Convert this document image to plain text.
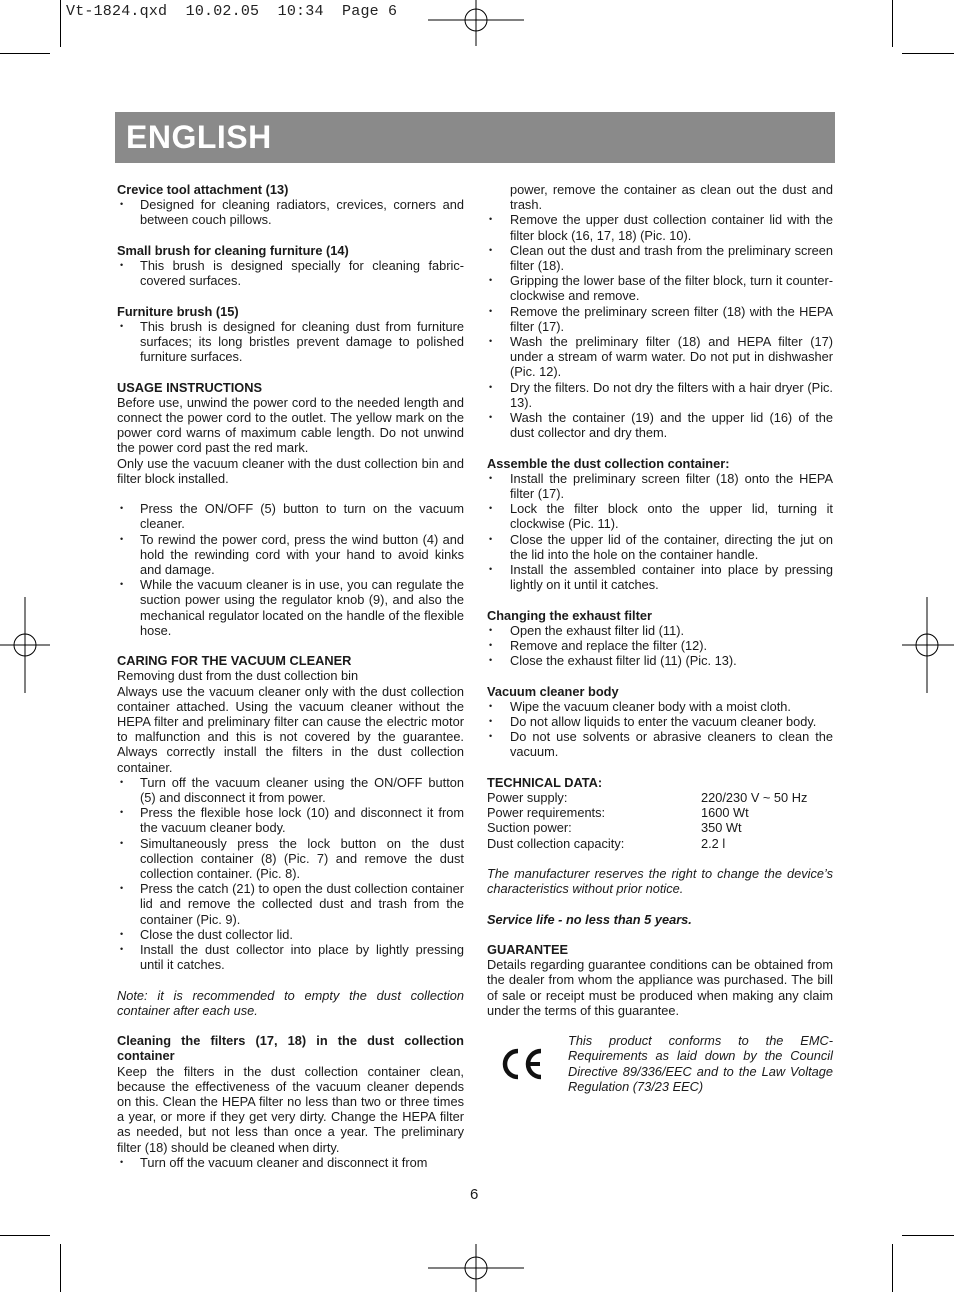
Vt-1824.qxd  10.02.05  10:34  Page 6
ENGLISH

Crevice tool attachment (13)

• Designed for cleaning radiators, crevices, corners and between couch pillows.

Small brush for cleaning furniture (14)

• This brush is designed specially for cleaning fabric-covered surfaces.

Furniture brush (15)

• This brush is designed for cleaning dust from furniture surfaces; its long bristles prevent damage to polished furniture surfaces.

USAGE INSTRUCTIONS

Before use, unwind the power cord to the needed length and connect the power cord to the outlet. The yellow mark on the power cord warns of maximum cable length. Do not unwind the power cord past the red mark.

Only use the vacuum cleaner with the dust collection bin and filter block installed.

• Press the ON/OFF (5) button to turn on the vacuum cleaner.
• To rewind the power cord, press the wind button (4) and hold the rewinding cord with your hand to avoid kinks and damage.
• While the vacuum cleaner is in use, you can regulate the suction power using the regulator knob (9), and also the mechanical regulator located on the handle of the flexible hose.

CARING FOR THE VACUUM CLEANER

Removing dust from the dust collection bin

Always use the vacuum cleaner only with the dust collection container attached. Using the vacuum cleaner without the HEPA filter and preliminary filter can cause the electric motor to malfunction and this is not covered by the guarantee. Always correctly install the filters in the dust collection container.

• Turn off the vacuum cleaner using the ON/OFF button (5) and disconnect it from power.
• Press the flexible hose lock (10) and disconnect it from the vacuum cleaner body.
• Simultaneously press the lock button on the dust collection container (8) (Pic. 7) and remove the dust collection container. (Pic. 8).
• Press the catch (21) to open the dust collection container lid and remove the collected dust and trash from the container (Pic. 9).
• Close the dust collector lid.
• Install the dust collector into place by lightly pressing until it catches.

Note: it is recommended to empty the dust collection container after each use.

Cleaning the filters (17, 18) in the dust collection container

Keep the filters in the dust collection container clean, because the effectiveness of the vacuum cleaner depends on this. Clean the HEPA filter no less than two or three times a year, or more if they get very dirty. Change the HEPA filter as needed, but not less than once a year. The preliminary filter (18) should be cleaned when dirty.

• Turn off the vacuum cleaner and disconnect it from

power, remove the container as clean out the dust and trash.

• Remove the upper dust collection container lid with the filter block (16, 17, 18) (Pic. 10).
• Clean out the dust and trash from the preliminary screen filter (18).
• Gripping the lower base of the filter block, turn it counter-clockwise and remove.
• Remove the preliminary screen filter (18) with the HEPA filter (17).
• Wash the preliminary filter (18) and HEPA filter (17) under a stream of warm water. Do not put in dishwasher (Pic. 12).
• Dry the filters. Do not dry the filters with a hair dryer (Pic. 13).
• Wash the container (19) and the upper lid (16) of the dust collector and dry them.

Assemble the dust collection container:

• Install the preliminary screen filter (18) onto the HEPA filter (17).
• Lock the filter block onto the upper lid, turning it clockwise (Pic. 11).
• Close the upper lid of the container, directing the jut on the lid into the hole on the container handle.
• Install the assembled container into place by pressing lightly on it until it catches.

Changing the exhaust filter

• Open the exhaust filter lid (11).
• Remove and replace the filter (12).
• Close the exhaust filter lid (11) (Pic. 13).

Vacuum cleaner body

• Wipe the vacuum cleaner body with a moist cloth.
• Do not allow liquids to enter the vacuum cleaner body.
• Do not use solvents or abrasive cleaners to clean the vacuum.

TECHNICAL DATA:

Power supply:	220/230 V ~ 50 Hz
Power requirements:	1600 Wt
Suction power:	350 Wt
Dust collection capacity:	2.2 l

The manufacturer reserves the right to change the device’s characteristics without prior notice.

Service life - no less than 5 years.

GUARANTEE

Details regarding guarantee conditions can be obtained from the dealer from whom the appliance was purchased. The bill of sale or receipt must be produced when making any claim under the terms of this guarantee.

This product conforms to the EMC-Requirements as laid down by the Council Directive 89/336/EEC and to the Law Voltage Regulation (73/23 EEC)

6
